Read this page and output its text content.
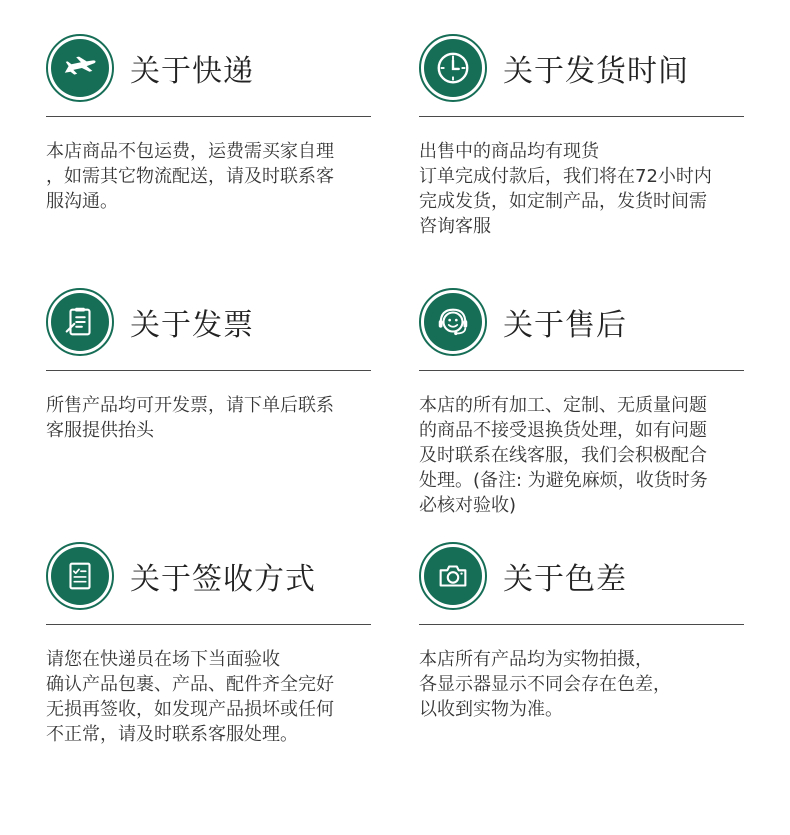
关于快递
本店商品不包运费，运费需买家自理
，如需其它物流配送，请及时联系客
服沟通。
关于发货时间
出售中的商品均有现货
订单完成付款后，我们将在72小时内
完成发货，如定制产品，发货时间需
咨询客服
关于发票
所售产品均可开发票，请下单后联系
客服提供抬头
关于售后
本店的所有加工、定制、无质量问题
的商品不接受退换货处理，如有问题
及时联系在线客服，我们会积极配合
处理。(备注: 为避免麻烦，收货时务
必核对验收)
关于签收方式
请您在快递员在场下当面验收
确认产品包裹、产品、配件齐全完好
无损再签收，如发现产品损坏或任何
不正常，请及时联系客服处理。
关于色差
本店所有产品均为实物拍摄，
各显示器显示不同会存在色差，
以收到实物为准。
